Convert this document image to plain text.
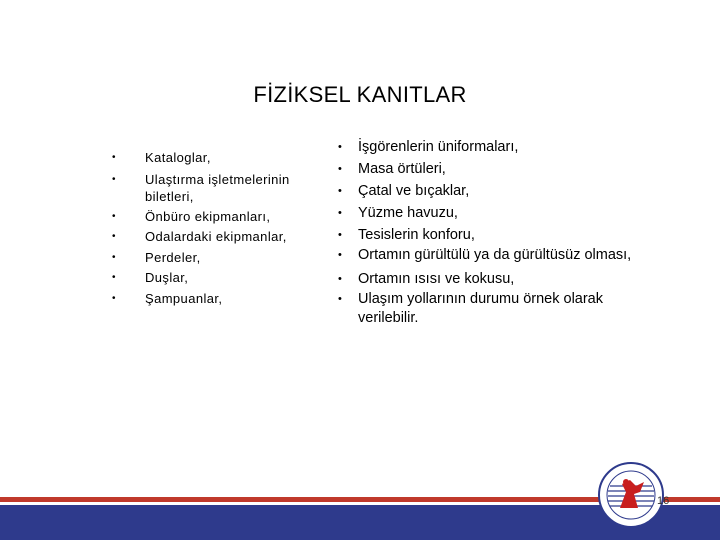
FİZİKSEL KANITLAR
• Kataloglar,
• Ulaştırma işletmelerinin biletleri,
• Önbüro ekipmanları,
• Odalardaki ekipmanlar,
• Perdeler,
• Duşlar,
• Şampuanlar,
• İşgörenlerin üniformaları,
• Masa örtüleri,
• Çatal ve bıçaklar,
• Yüzme havuzu,
• Tesislerin konforu,
• Ortamın gürültülü ya da gürültüsüz olması,
• Ortamın ısısı ve kokusu,
• Ulaşım yollarının durumu örnek olarak verilebilir.
16
